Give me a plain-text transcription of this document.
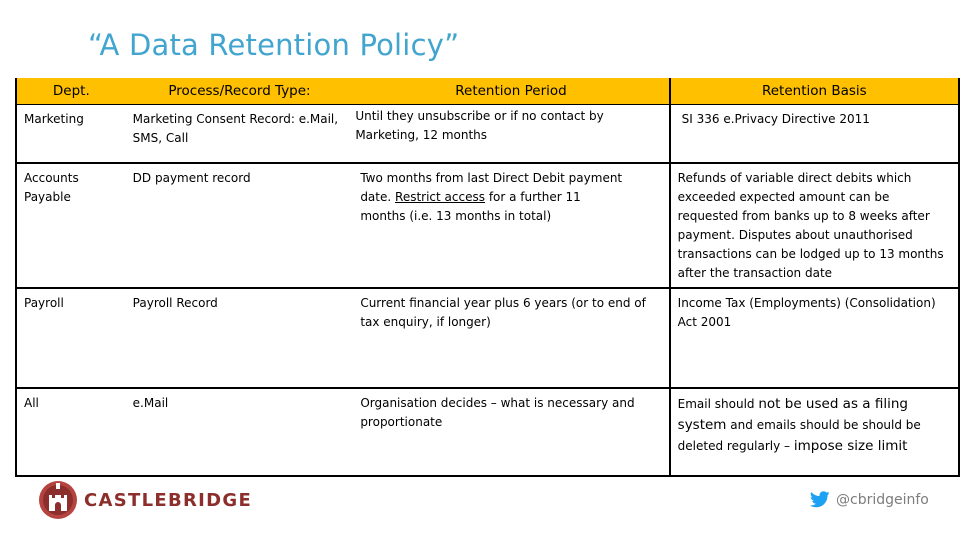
“A Data Retention Policy”
Dept.	Process/Record Type:	Retention Period	Retention Basis

Marketing	Marketing Consent Record: e.Mail, SMS, Call	Until they unsubscribe or if no contact by Marketing, 12 months	SI 336 e.Privacy Directive 2011

Accounts Payable	DD payment record	Two months from last Direct Debit payment date. Restrict access for a further 11 months (i.e. 13 months in total)	Refunds of variable direct debits which exceeded expected amount can be requested from banks up to 8 weeks after payment. Disputes about unauthorised transactions can be lodged up to 13 months after the transaction date
Payroll	Payroll Record	Current financial year plus 6 years (or to end of tax enquiry, if longer)	Income Tax (Employments) (Consolidation) Act 2001
All	e.Mail	Organisation decides – what is necessary and proportionate	Email should not be used as a filing system and emails should be should be deleted regularly – impose size limit
CASTLEBRIDGE	@cbridgeinfo
